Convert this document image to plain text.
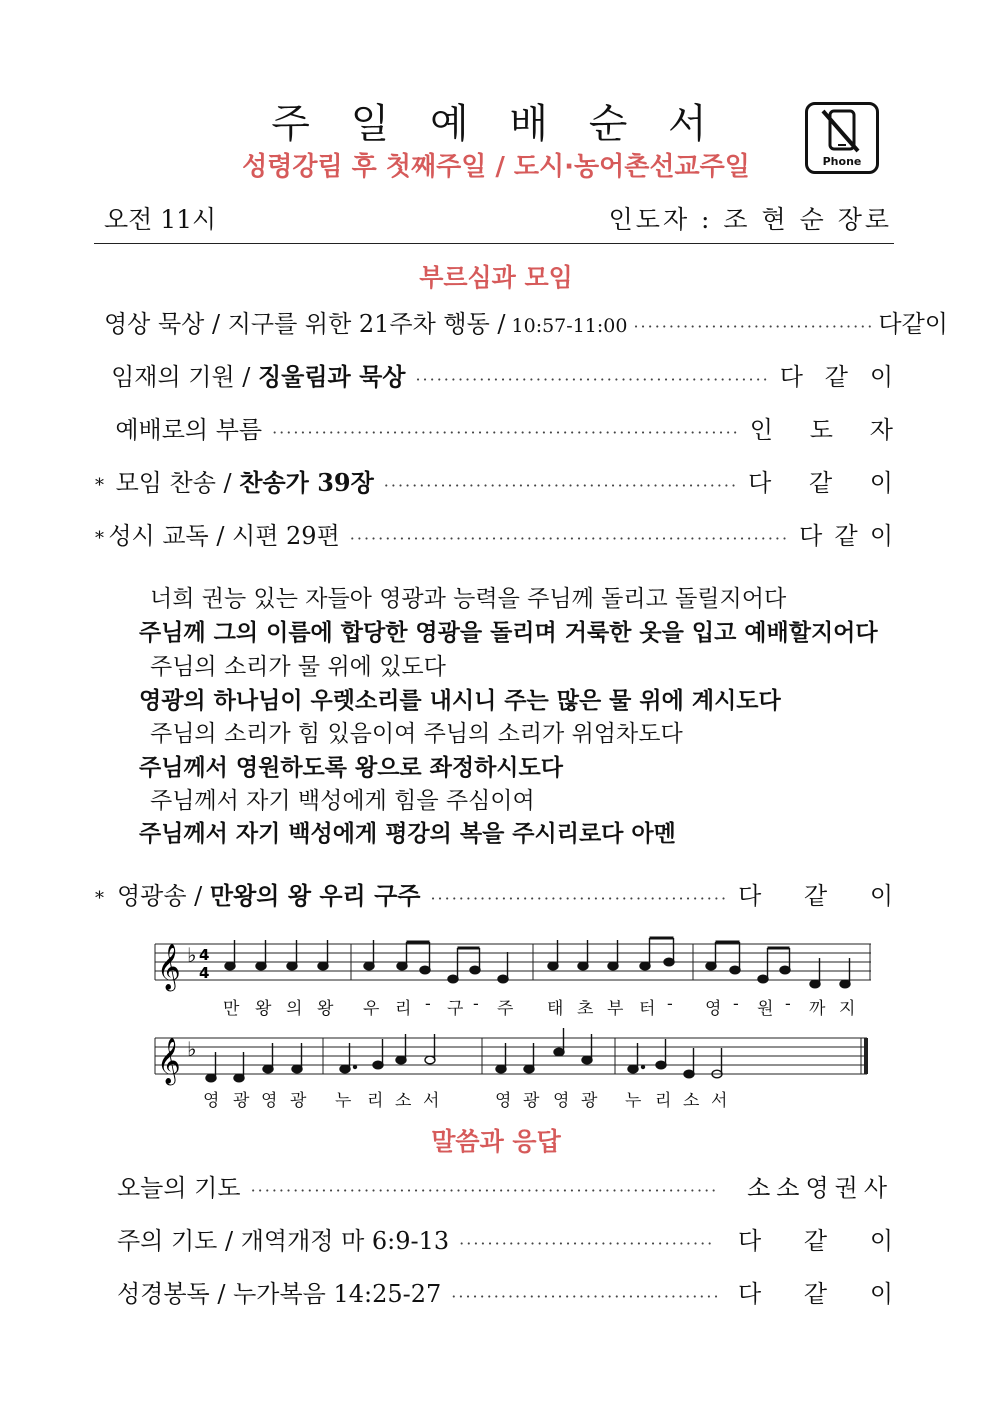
주 일 예 배 순 서
성령강림 후 첫째주일 / 도시·농어촌선교주일	Phone
오전 11시	인도자 : 조 현 순 장로
부르심과 모임
영상 묵상 / 지구를 위한 21주차 행동 / 10:57-11:00 ·································· 다 같 이
임재의 기원 / 징울림과 묵상 ·················································· 다 같 이
예배로의 부름 ·································································· 인 도 자
* 모임 찬송 / 찬송가 39장 ·················································· 다 같 이
* 성시 교독 / 시편 29편 ······························································ 다 같 이
너희 권능 있는 자들아 영광과 능력을 주님께 돌리고 돌릴지어다
주님께 그의 이름에 합당한 영광을 돌리며 거룩한 옷을 입고 예배할지어다
주님의 소리가 물 위에 있도다
영광의 하나님이 우렛소리를 내시니 주는 많은 물 위에 계시도다
주님의 소리가 힘 있음이여 주님의 소리가 위엄차도다
주님께서 영원하도록 왕으로 좌정하시도다
주님께서 자기 백성에게 힘을 주심이여
주님께서 자기 백성에게 평강의 복을 주시리로다 아멘
* 영광송 / 만왕의 왕 우리 구주 ·········································· 다 같 이
𝄞 ♭ 4
4
만 왕 의 왕 우 리 - 구 - 주 태 초 부 터 - 영 - 원 - 까 지
𝄞 ♭
영 광 영 광 누 리 소 서	영 광 영 광 누 리 소 서
말씀과 응답
오늘의 기도 ··································································	소소영권사
주의 기도 / 개역개정 마 6:9-13 ···································· 다 같 이
성경봉독 / 누가복음 14:25-27 ······································ 다 같 이
